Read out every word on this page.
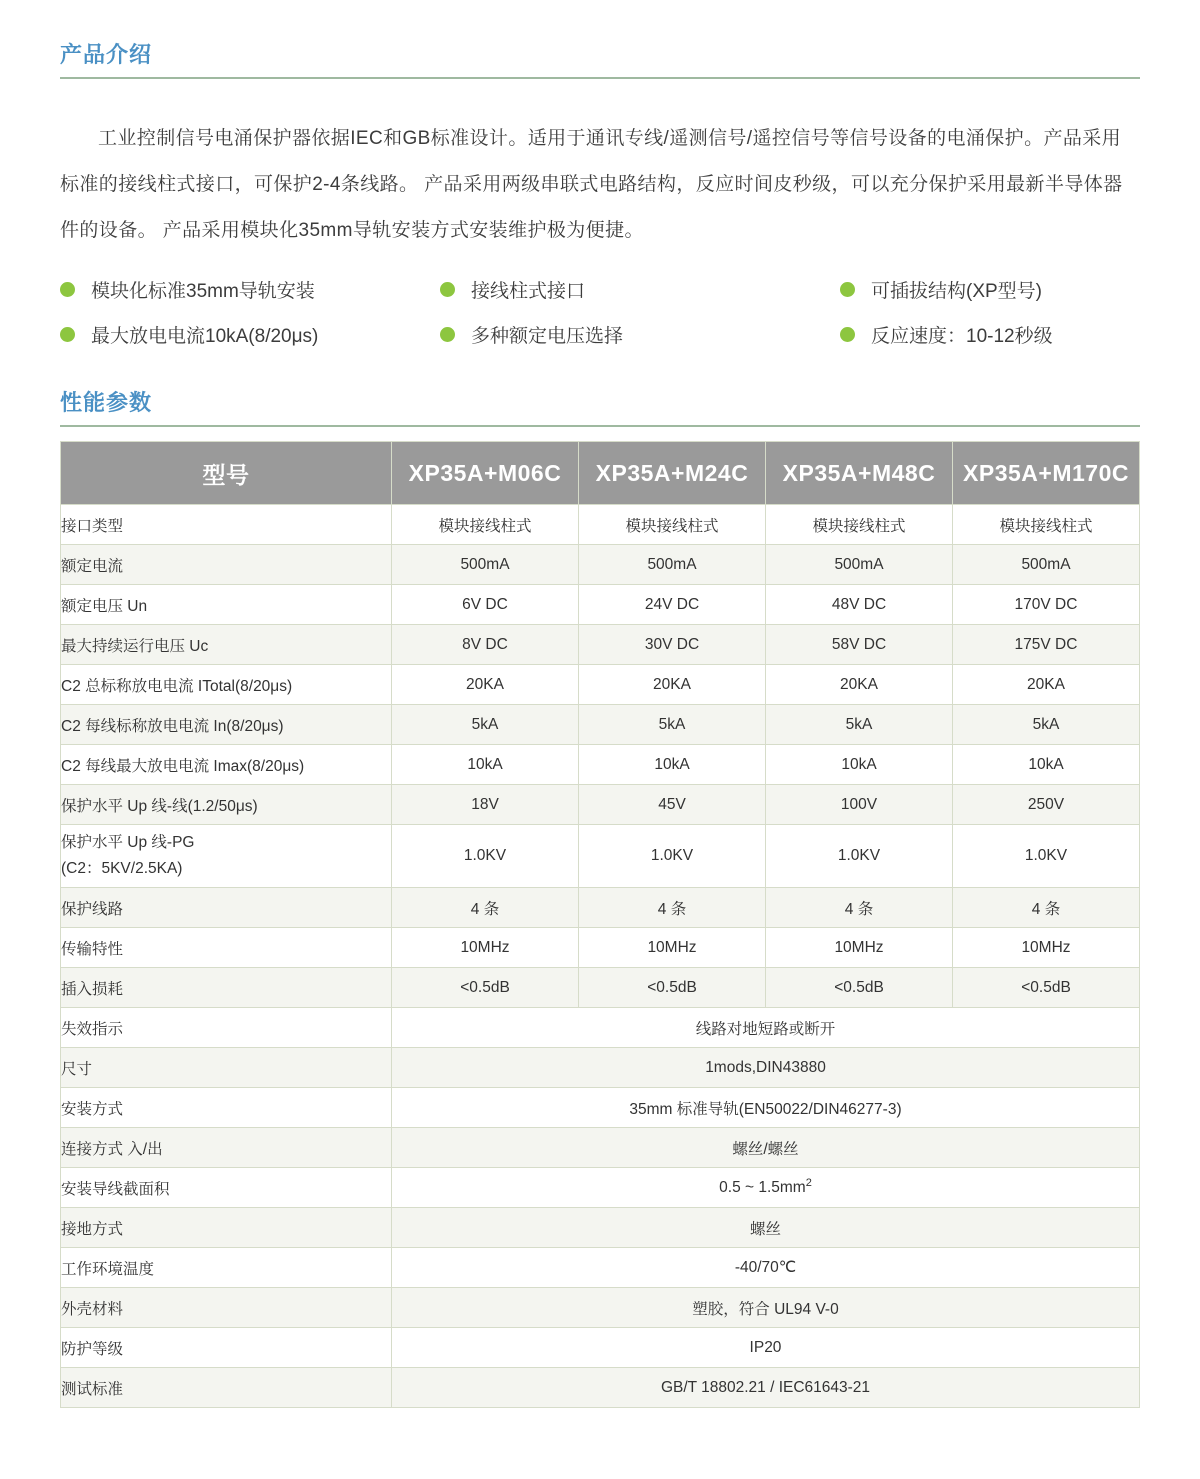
产品介绍

工业控制信号电涌保护器依据IEC和GB标准设计。适用于通讯专线/遥测信号/遥控信号等信号设备的电涌保护。产品采用标准的接线柱式接口，可保护2-4条线路。 产品采用两级串联式电路结构，反应时间皮秒级，可以充分保护采用最新半导体器件的设备。 产品采用模块化35mm导轨安装方式安装维护极为便捷。

模块化标准35mm导轨安装	接线柱式接口	可插拔结构(XP型号)
最大放电电流10kA(8/20μs)	多种额定电压选择	反应速度：10-12秒级
性能参数
型号	XP35A+M06C	XP35A+M24C	XP35A+M48C	XP35A+M170C
接口类型	模块接线柱式	模块接线柱式	模块接线柱式	模块接线柱式
额定电流	500mA	500mA	500mA	500mA
额定电压 Un	6V DC	24V DC	48V DC	170V DC
最大持续运行电压 Uc	8V DC	30V DC	58V DC	175V DC
C2 总标称放电电流 ITotal(8/20μs)	20KA	20KA	20KA	20KA
C2 每线标称放电电流 In(8/20μs)	5kA	5kA	5kA	5kA
C2 每线最大放电电流 Imax(8/20μs)	10kA	10kA	10kA	10kA
保护水平 Up 线-线(1.2/50μs)	18V	45V	100V	250V

保护水平 Up 线-PG
(C2：5KV/2.5KA)	1.0KV	1.0KV	1.0KV	1.0KV
保护线路	4 条	4 条	4 条	4 条
传输特性	10MHz	10MHz	10MHz	10MHz
插入损耗	<0.5dB	<0.5dB	<0.5dB	<0.5dB
失效指示	线路对地短路或断开			
尺寸	1mods,DIN43880			
安装方式	35mm 标准导轨(EN50022/DIN46277-3)			
连接方式 入/出	螺丝/螺丝			
安装导线截面积	0.5 ~ $1.5mm^2$
接地方式	螺丝			
工作环境温度	-40/70℃			
外壳材料	塑胶，符合 UL94 V-0			
防护等级	IP20			
测试标准	GB/T 18802.21 / IEC61643-21			
